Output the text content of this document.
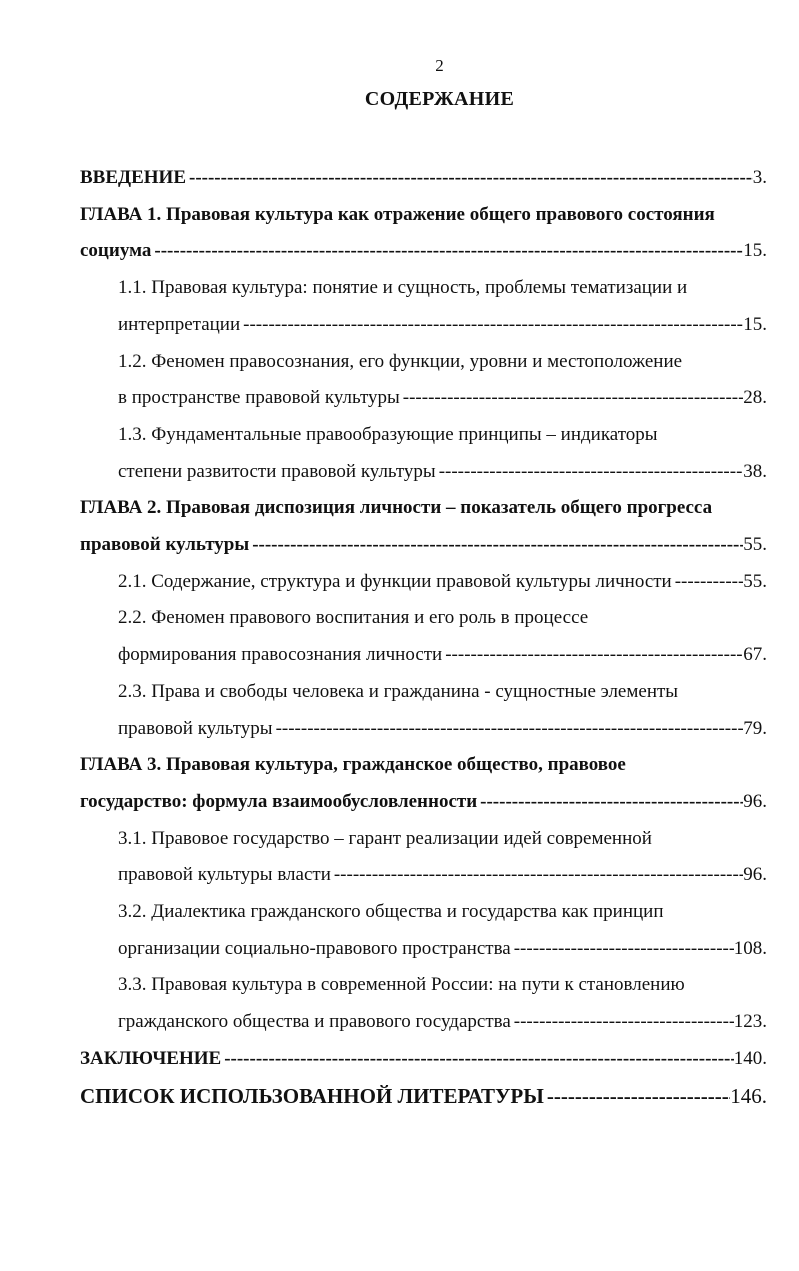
2
СОДЕРЖАНИЕ
ВВЕДЕНИЕ -----	3.
ГЛАВА 1. Правовая культура как отражение общего правового состояния
социума -----	15.
1.1. Правовая культура: понятие и сущность, проблемы тематизации и
интерпретации -----	15.
1.2. Феномен правосознания, его функции, уровни и местоположение
в пространстве правовой культуры -----	28.
1.3. Фундаментальные правообразующие принципы – индикаторы
степени развитости правовой культуры -----	38.
ГЛАВА 2. Правовая диспозиция личности – показатель общего прогресса
правовой культуры -----	55.
2.1. Содержание, структура и функции правовой культуры личности -----	55.
2.2. Феномен правового воспитания и его роль в процессе
формирования правосознания личности -----	67.
2.3. Права и свободы человека и гражданина - сущностные элементы
правовой культуры -----	79.
ГЛАВА 3. Правовая культура, гражданское общество, правовое
государство: формула взаимообусловленности -----	96.
3.1. Правовое государство – гарант реализации идей современной
правовой культуры власти -----	96.
3.2. Диалектика гражданского общества и государства как принцип
организации социально-правового пространства -----	108.
3.3. Правовая культура в современной России: на пути к становлению
гражданского общества и правового государства -----	123.
ЗАКЛЮЧЕНИЕ -----	140.
СПИСОК ИСПОЛЬЗОВАННОЙ ЛИТЕРАТУРЫ -----	146.
